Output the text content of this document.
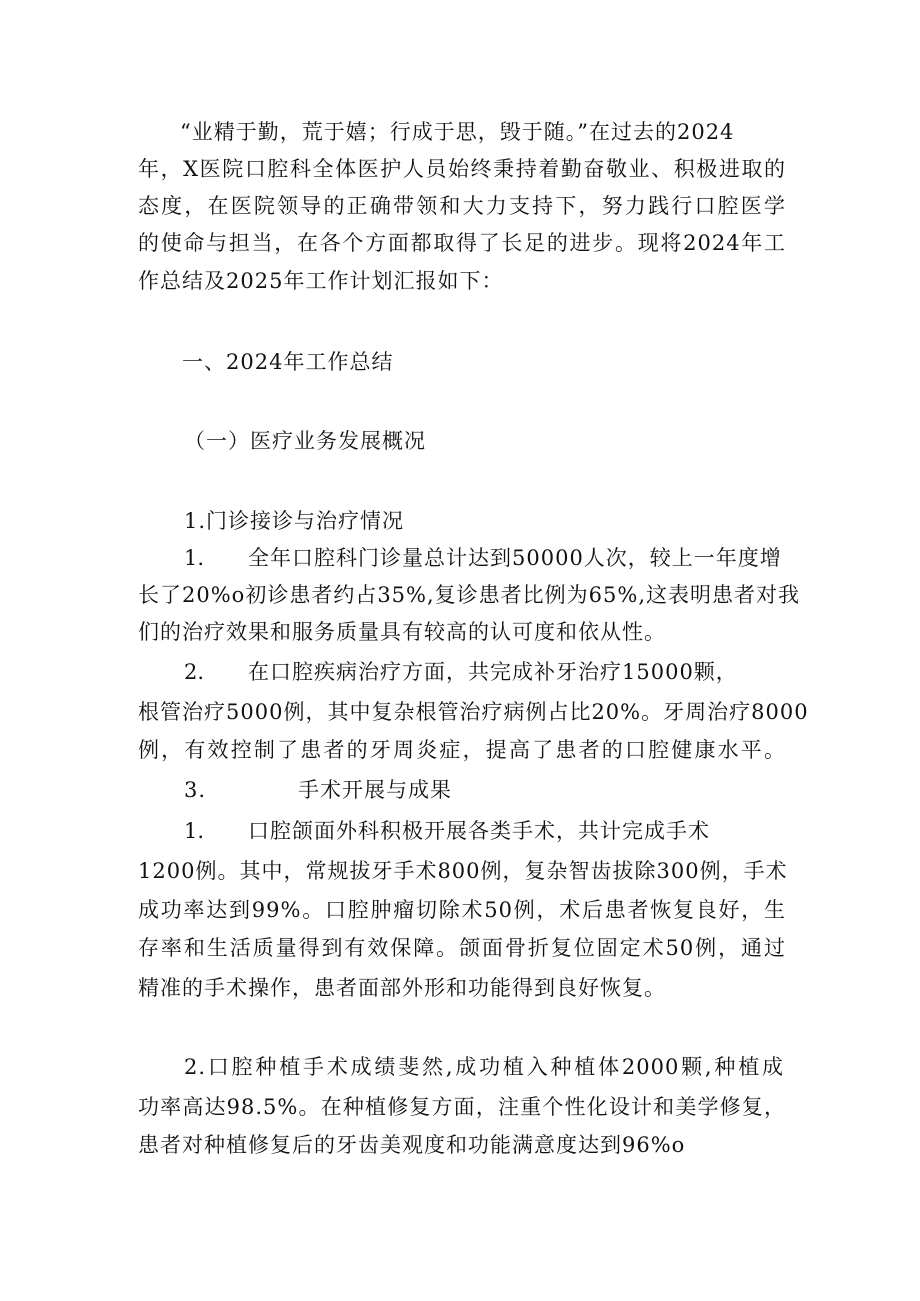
“业精于勤，荒于嬉；行成于思，毁于随。”在过去的2024
年，X医院口腔科全体医护人员始终秉持着勤奋敬业、积极进取的
态度，在医院领导的正确带领和大力支持下，努力践行口腔医学
的使命与担当，在各个方面都取得了长足的进步。现将2024年工
作总结及2025年工作计划汇报如下：
一、2024年工作总结
（一）医疗业务发展概况
1.门诊接诊与治疗情况
1. 全年口腔科门诊量总计达到50000人次，较上一年度增
长了20%o初诊患者约占35%,复诊患者比例为65%,这表明患者对我
们的治疗效果和服务质量具有较高的认可度和依从性。
2. 在口腔疾病治疗方面，共完成补牙治疗15000颗，
根管治疗5000例，其中复杂根管治疗病例占比20%。牙周治疗8000
例，有效控制了患者的牙周炎症，提高了患者的口腔健康水平。
3.	手术开展与成果
1. 口腔颌面外科积极开展各类手术，共计完成手术
1200例。其中，常规拔牙手术800例，复杂智齿拔除300例，手术
成功率达到99%。口腔肿瘤切除术50例，术后患者恢复良好，生
存率和生活质量得到有效保障。颌面骨折复位固定术50例，通过
精准的手术操作，患者面部外形和功能得到良好恢复。
2.口腔种植手术成绩斐然,成功植入种植体2000颗,种植成
功率高达98.5%。在种植修复方面，注重个性化设计和美学修复，
患者对种植修复后的牙齿美观度和功能满意度达到96%o
